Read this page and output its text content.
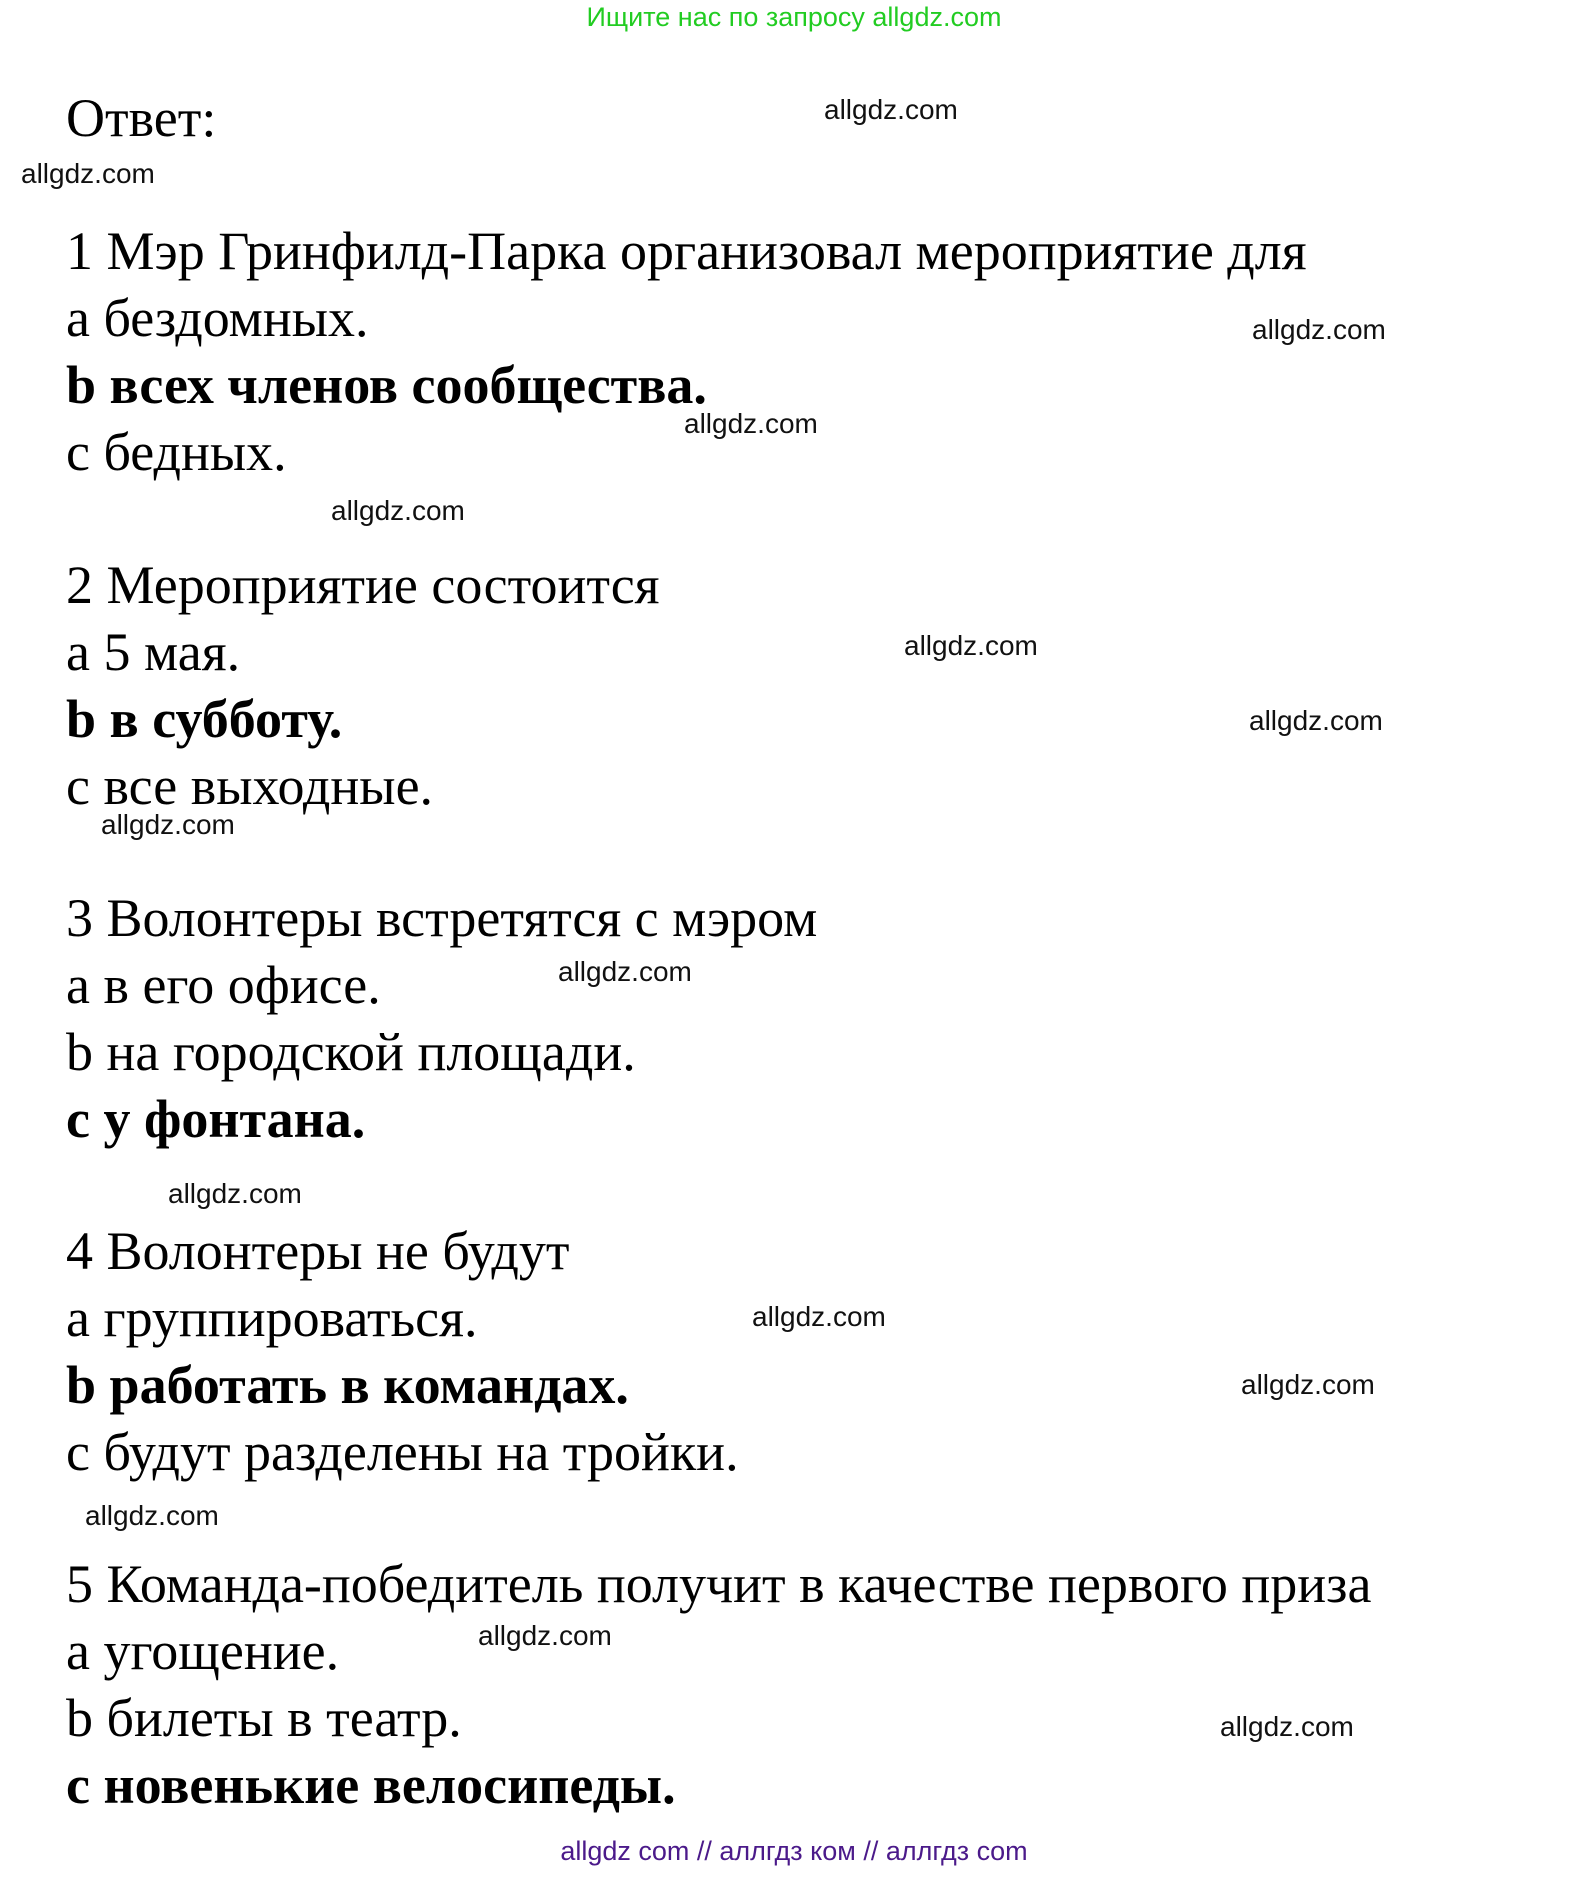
Ищите нас по запросу allgdz.com
Ответ:
1 Мэр Гринфилд-Парка организовал мероприятие для
a бездомных.
b всех членов сообщества.
c бедных.
2 Мероприятие состоится
a 5 мая.
b в субботу.
c все выходные.
3 Волонтеры встретятся с мэром
a в его офисе.
b на городской площади.
c у фонтана.
4 Волонтеры не будут
a группироваться.
b работать в командах.
c будут разделены на тройки.
5 Команда-победитель получит в качестве первого приза
a угощение.
b билеты в театр.
c новенькие велосипеды.
allgdz.com
allgdz.com
allgdz.com
allgdz.com
allgdz.com
allgdz.com
allgdz.com
allgdz.com
allgdz.com
allgdz.com
allgdz.com
allgdz.com
allgdz.com
allgdz.com
allgdz.com
allgdz com // аллгдз ком // аллгдз com
